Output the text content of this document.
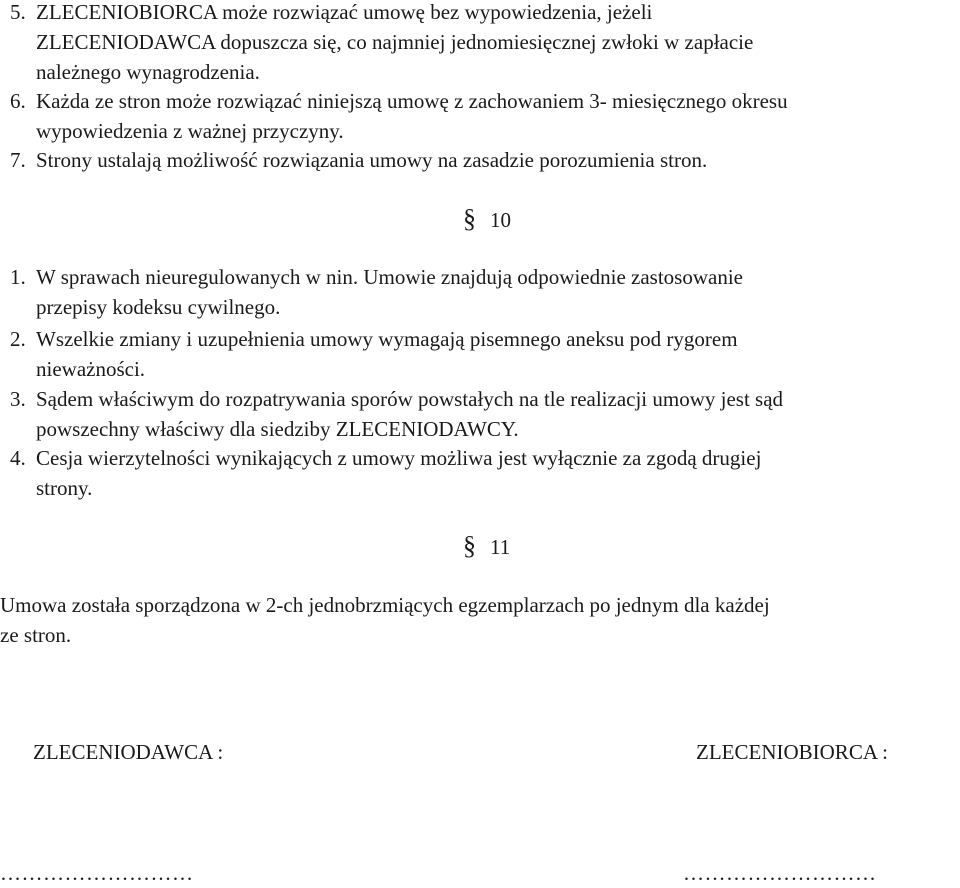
5. ZLECENIOBIORCA może rozwiązać umowę bez wypowiedzenia, jeżeli
ZLECENIODAWCA dopuszcza się, co najmniej jednomiesięcznej zwłoki w zapłacie
należnego wynagrodzenia.
6. Każda ze stron może rozwiązać niniejszą umowę z zachowaniem 3- miesięcznego okresu
wypowiedzenia z ważnej przyczyny.
7. Strony ustalają możliwość rozwiązania umowy na zasadzie porozumienia stron.
§ 10
1. W sprawach nieuregulowanych w nin. Umowie znajdują odpowiednie zastosowanie
przepisy kodeksu cywilnego.
2. Wszelkie zmiany i uzupełnienia umowy wymagają pisemnego aneksu pod rygorem
nieważności.
3. Sądem właściwym do rozpatrywania sporów powstałych na tle realizacji umowy jest sąd
powszechny właściwy dla siedziby ZLECENIODAWCY.
4. Cesja wierzytelności wynikających z umowy możliwa jest wyłącznie za zgodą drugiej
strony.
§ 11
Umowa została sporządzona w 2-ch jednobrzmiących egzemplarzach po jednym dla każdej
ze stron.
ZLECENIODAWCA :	ZLECENIOBIORCA :
………………………	………………………
